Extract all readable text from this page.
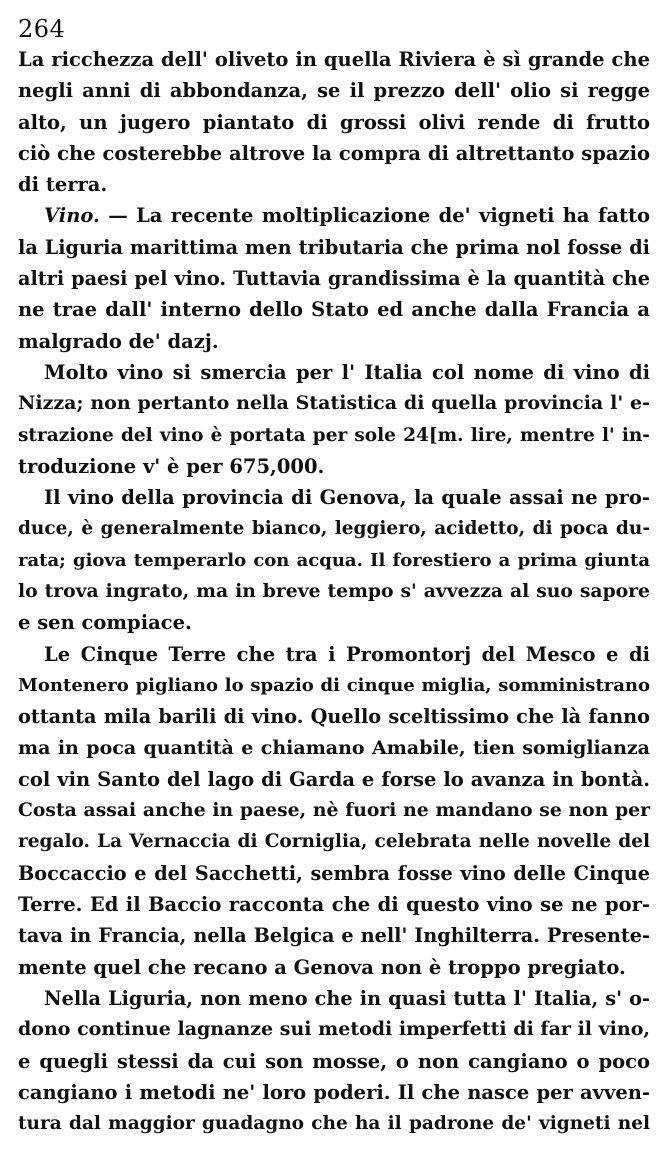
264
La ricchezza dell' oliveto in quella Riviera è sì grande che
negli anni di abbondanza, se il prezzo dell' olio si regge
alto, un jugero piantato di grossi olivi rende di frutto
ciò che costerebbe altrove la compra di altrettanto spazio
di terra.
Vino. — La recente moltiplicazione de' vigneti ha fatto
la Liguria marittima men tributaria che prima nol fosse di
altri paesi pel vino. Tuttavia grandissima è la quantità che
ne trae dall' interno dello Stato ed anche dalla Francia a
malgrado de' dazj.
Molto vino si smercia per l' Italia col nome di vino di
Nizza; non pertanto nella Statistica di quella provincia l' e-
strazione del vino è portata per sole 24[m. lire, mentre l' in-
troduzione v' è per 675,000.
Il vino della provincia di Genova, la quale assai ne pro-
duce, è generalmente bianco, leggiero, acidetto, di poca du-
rata; giova temperarlo con acqua. Il forestiero a prima giunta
lo trova ingrato, ma in breve tempo s' avvezza al suo sapore
e sen compiace.
Le Cinque Terre che tra i Promontorj del Mesco e di
Montenero pigliano lo spazio di cinque miglia, somministrano
ottanta mila barili di vino. Quello sceltissimo che là fanno
ma in poca quantità e chiamano Amabile, tien somiglianza
col vin Santo del lago di Garda e forse lo avanza in bontà.
Costa assai anche in paese, nè fuori ne mandano se non per
regalo. La Vernaccia di Corniglia, celebrata nelle novelle del
Boccaccio e del Sacchetti, sembra fosse vino delle Cinque
Terre. Ed il Baccio racconta che di questo vino se ne por-
tava in Francia, nella Belgica e nell' Inghilterra. Presente-
mente quel che recano a Genova non è troppo pregiato.
Nella Liguria, non meno che in quasi tutta l' Italia, s' o-
dono continue lagnanze sui metodi imperfetti di far il vino,
e quegli stessi da cui son mosse, o non cangiano o poco
cangiano i metodi ne' loro poderi. Il che nasce per avven-
tura dal maggior guadagno che ha il padrone de' vigneti nel
